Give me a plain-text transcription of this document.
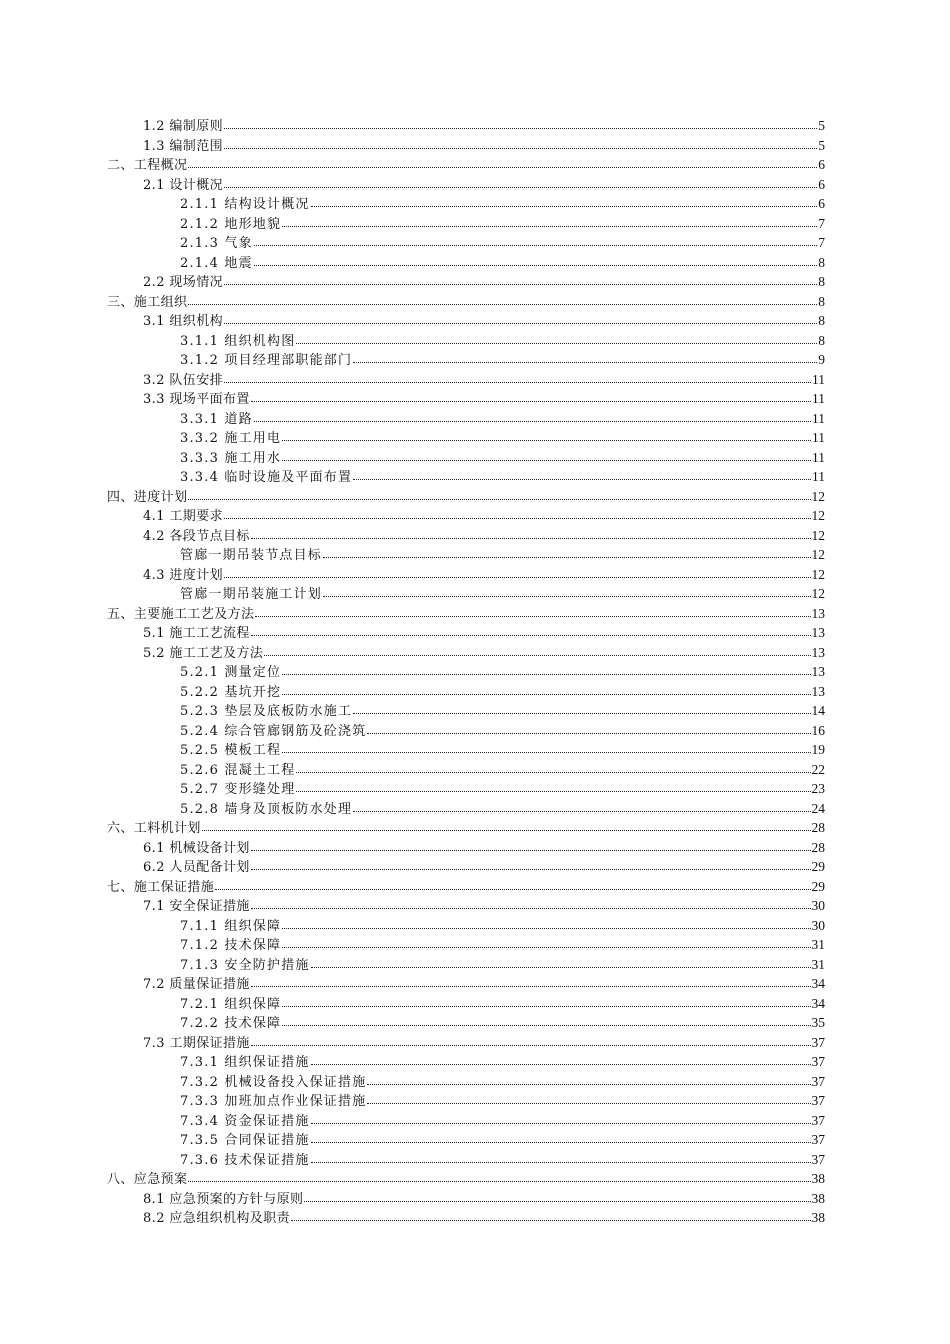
1.2 编制原则	5
1.3 编制范围	5
二、工程概况	6
2.1 设计概况	6
2.1.1 结构设计概况	6
2.1.2 地形地貌	7
2.1.3 气象	7
2.1.4 地震	8
2.2 现场情况	8
三、施工组织	8
3.1 组织机构	8
3.1.1 组织机构图	8
3.1.2 项目经理部职能部门	9
3.2 队伍安排	11
3.3 现场平面布置	11
3.3.1 道路	11
3.3.2 施工用电	11
3.3.3 施工用水	11
3.3.4 临时设施及平面布置	11
四、进度计划	12
4.1 工期要求	12
4.2 各段节点目标	12
管廊一期吊装节点目标	12
4.3 进度计划	12
管廊一期吊装施工计划	12
五、主要施工工艺及方法	13
5.1 施工工艺流程	13
5.2 施工工艺及方法	13
5.2.1 测量定位	13
5.2.2 基坑开挖	13
5.2.3 垫层及底板防水施工	14
5.2.4 综合管廊钢筋及砼浇筑	16
5.2.5 模板工程	19
5.2.6 混凝土工程	22
5.2.7 变形缝处理	23
5.2.8 墙身及顶板防水处理	24
六、工料机计划	28
6.1 机械设备计划	28
6.2 人员配备计划	29
七、施工保证措施	29
7.1 安全保证措施	30
7.1.1 组织保障	30
7.1.2 技术保障	31
7.1.3 安全防护措施	31
7.2 质量保证措施	34
7.2.1 组织保障	34
7.2.2 技术保障	35
7.3 工期保证措施	37
7.3.1 组织保证措施	37
7.3.2 机械设备投入保证措施	37
7.3.3 加班加点作业保证措施	37
7.3.4 资金保证措施	37
7.3.5 合同保证措施	37
7.3.6 技术保证措施	37
八、应急预案	38
8.1 应急预案的方针与原则	38
8.2 应急组织机构及职责	38
